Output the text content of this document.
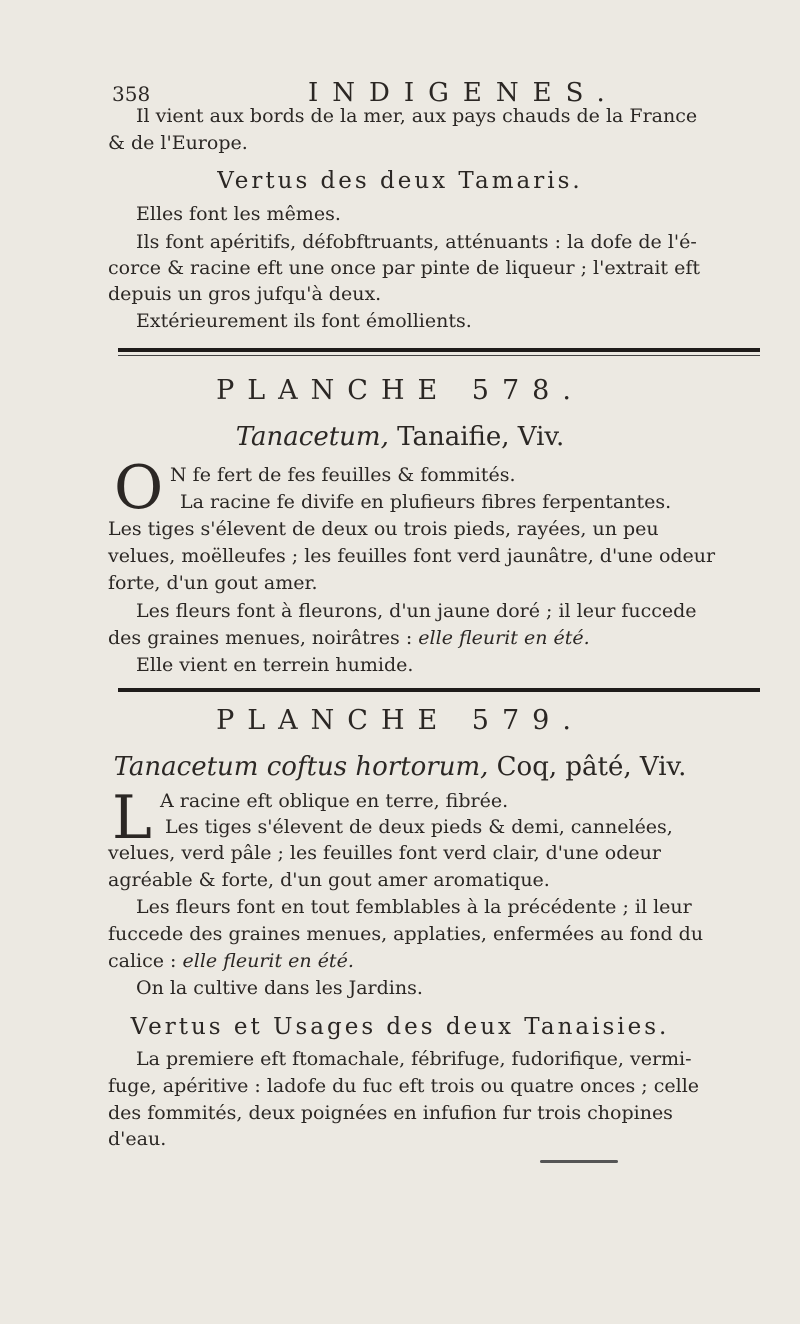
358	INDIGENES.
Il vient aux bords de la mer, aux pays chauds de la France
& de l'Europe.
Vertus des deux Tamaris.
Elles font les mêmes.
Ils font apéritifs, défobftruants, atténuants : la dofe de l'é-
corce & racine eft une once par pinte de liqueur ; l'extrait eft
depuis un gros jufqu'à deux.
Extérieurement ils font émollients.
PLANCHE 578.
Tanacetum, Tanaifie, Viv.
O N fe fert de fes feuilles & fommités.
La racine fe divife en plufieurs fibres ferpentantes.
Les tiges s'élevent de deux ou trois pieds, rayées, un peu
velues, moëlleufes ; les feuilles font verd jaunâtre, d'une odeur
forte, d'un gout amer.
Les fleurs font à fleurons, d'un jaune doré ; il leur fuccede
des graines menues, noirâtres : elle fleurit en été.
Elle vient en terrein humide.
PLANCHE 579.
Tanacetum coftus hortorum, Coq, pâté, Viv.
L A racine eft oblique en terre, fibrée.
Les tiges s'élevent de deux pieds & demi, cannelées,
velues, verd pâle ; les feuilles font verd clair, d'une odeur
agréable & forte, d'un gout amer aromatique.
Les fleurs font en tout femblables à la précédente ; il leur
fuccede des graines menues, applaties, enfermées au fond du
calice : elle fleurit en été.
On la cultive dans les Jardins.
Vertus et Usages des deux Tanaisies.
La premiere eft ftomachale, fébrifuge, fudorifique, vermi-
fuge, apéritive : ladofe du fuc eft trois ou quatre onces ; celle
des fommités, deux poignées en infufion fur trois chopines
d'eau.
